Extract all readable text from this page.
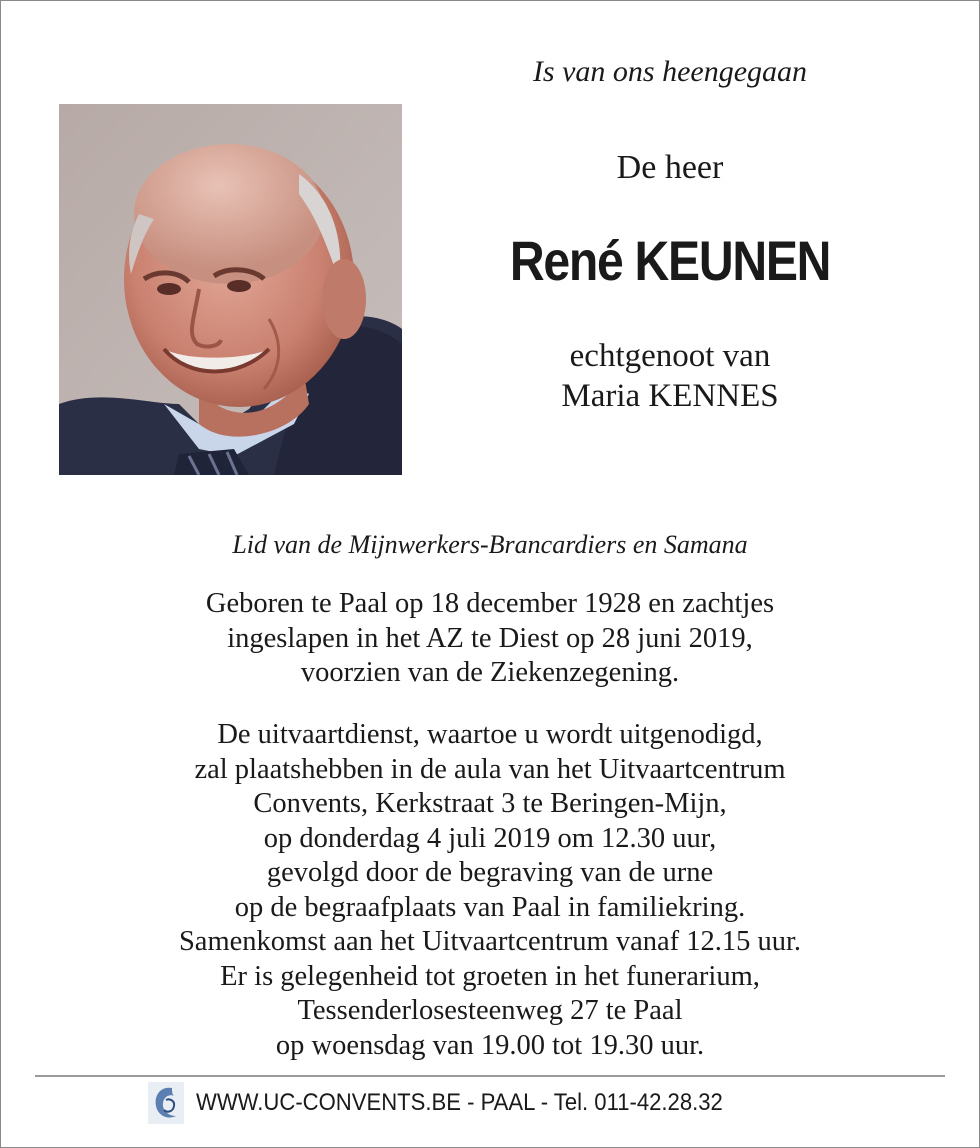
Is van ons heengegaan
De heer
René KEUNEN
echtgenoot van
Maria KENNES
Lid van de Mijnwerkers-Brancardiers en Samana
Geboren te Paal op 18 december 1928 en zachtjes
ingeslapen in het AZ te Diest op 28 juni 2019,
voorzien van de Ziekenzegening.
De uitvaartdienst, waartoe u wordt uitgenodigd,
zal plaatshebben in de aula van het Uitvaartcentrum
Convents, Kerkstraat 3 te Beringen-Mijn,
op donderdag 4 juli 2019 om 12.30 uur,
gevolgd door de begraving van de urne
op de begraafplaats van Paal in familiekring.
Samenkomst aan het Uitvaartcentrum vanaf 12.15 uur.
Er is gelegenheid tot groeten in het funerarium,
Tessenderlosesteenweg 27 te Paal
op woensdag van 19.00 tot 19.30 uur.
WWW.UC-CONVENTS.BE - PAAL - Tel. 011-42.28.32
